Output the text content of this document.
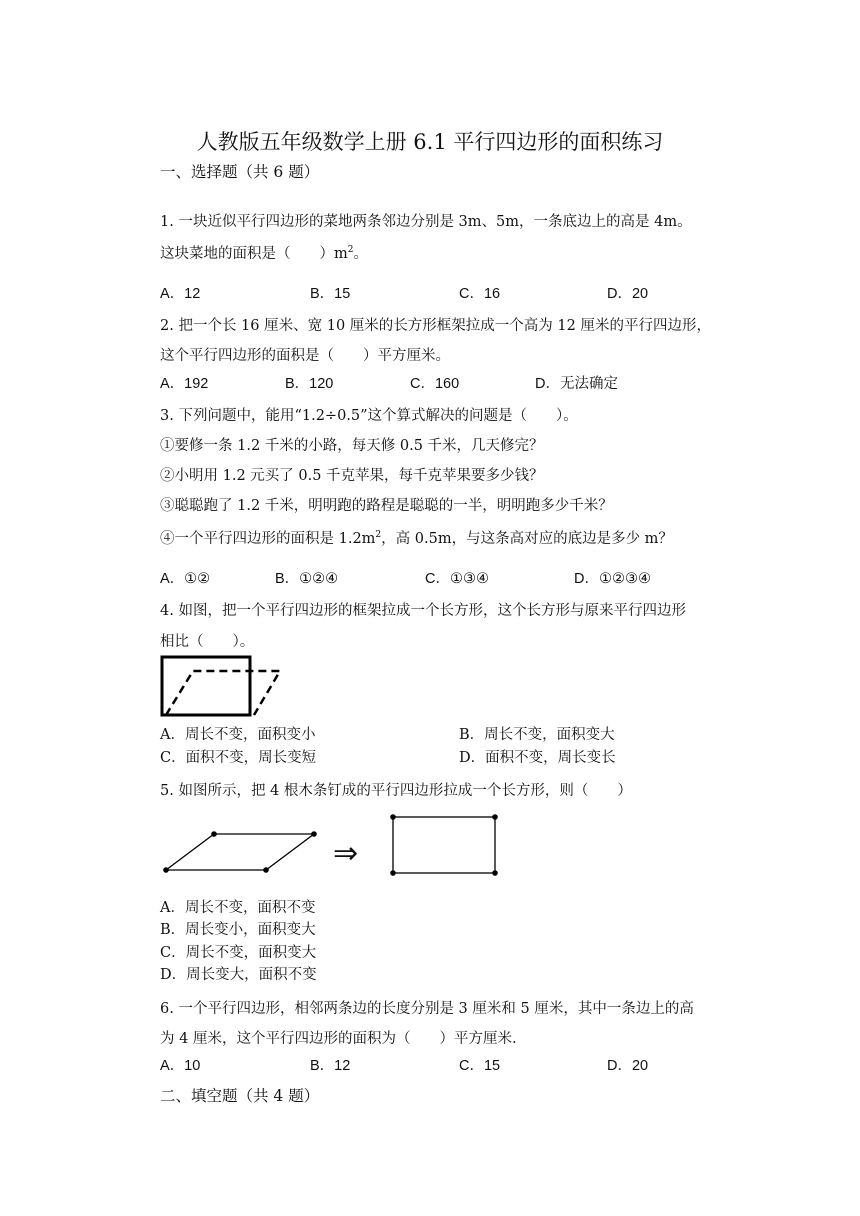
人教版五年级数学上册 6.1 平行四边形的面积练习
一、选择题（共 6 题）
1. 一块近似平行四边形的菜地两条邻边分别是 3m、5m，一条底边上的高是 4m。
这块菜地的面积是（　　）$m^2$。
A．12	B．15	C．16	D．20
2. 把一个长 16 厘米、宽 10 厘米的长方形框架拉成一个高为 12 厘米的平行四边形，
这个平行四边形的面积是（　　）平方厘米。
A．192	B．120	C．160	D．无法确定
3. 下列问题中，能用“1.2÷0.5”这个算式解决的问题是（　　）。
①要修一条 1.2 千米的小路，每天修 0.5 千米，几天修完？
②小明用 1.2 元买了 0.5 千克苹果，每千克苹果要多少钱？
③聪聪跑了 1.2 千米，明明跑的路程是聪聪的一半，明明跑多少千米？
④一个平行四边形的面积是 $1.2m^2$，高 0.5m，与这条高对应的底边是多少 m？
A．①②	B．①②④	C．①③④	D．①②③④
4. 如图，把一个平行四边形的框架拉成一个长方形，这个长方形与原来平行四边形
相比（　　）。
A．周长不变，面积变小	B．周长不变，面积变大
C．面积不变，周长变短	D．面积不变，周长变长
5. 如图所示，把 4 根木条钉成的平行四边形拉成一个长方形，则（　　）
⇒
A．周长不变，面积不变
B．周长变小，面积变大
C．周长不变，面积变大
D．周长变大，面积不变
6. 一个平行四边形，相邻两条边的长度分别是 3 厘米和 5 厘米，其中一条边上的高
为 4 厘米，这个平行四边形的面积为（　　）平方厘米.
A．10	B．12	C．15	D．20
二、填空题（共 4 题）
